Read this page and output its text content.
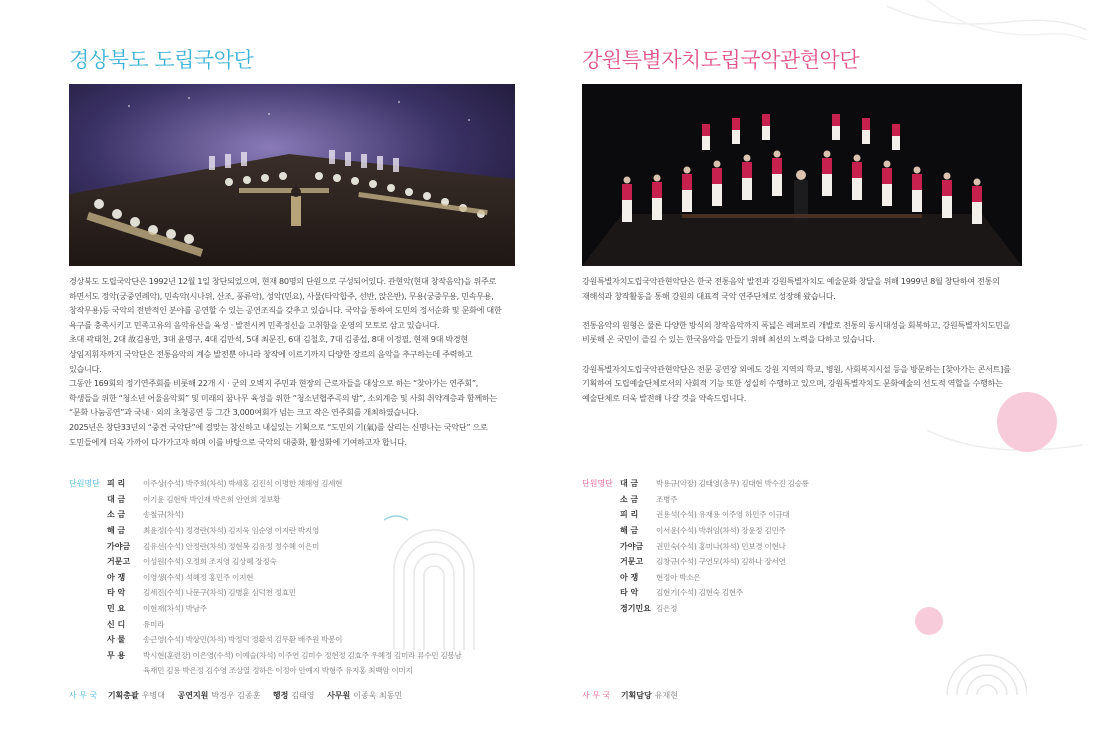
경상북도 도립국악단

경상북도 도립국악단은 1992년 12월 1일 창단되었으며, 현재 80명의 단원으로 구성되어있다. 관현악(현대 창작음악)을 위주로

하면서도 정악(궁중연례악), 민속악(시나위, 산조, 풍류악), 성악(민요), 사물(타악합주, 선반, 앉은반), 무용(궁중무용, 민속무용,

창작무용)등 국악의 전반적인 분야를 공연할 수 있는 공연조직을 갖추고 있습니다. 국악을 통하여 도민의 정서순화 및 문화에 대한

욕구를 충족시키고 민족고유의 음악유산을 육성 · 발전시켜 민족정신을 고취함을 운영의 모토로 삼고 있습니다.

초대 곽태천, 2대 故김용만, 3대 윤명구, 4대 김만석, 5대 최문진, 6대 김철호, 7대 김종섭, 8대 이정필, 현재 9대 박경현

상임지휘자까지 국악단은 전통음악의 계승 발전뿐 아니라 창작에 이르기까지 다양한 장르의 음악을 추구하는데 주력하고

있습니다.

그동안 169회의 정기연주회를 비롯해 22개 시 · 군의 오벽지 주민과 현장의 근로자들을 대상으로 하는 “찾아가는 연주회”,

학생들을 위한 “청소년 어울음악회” 및 미래의 꿈나무 육성을 위한 “청소년협주곡의 밤”, 소외계층 및 사회 취약계층과 함께하는

“문화 나눔공연”과 국내 · 외의 초청공연 등 그간 3,000여회가 넘는 크고 작은 연주회를 개최하였습니다.

2025년은 창단33년의 “중견 국악단”에 걸맞는 참신하고 내실있는 기획으로 “도민의 기(氣)를 살리는 신명나는 국악단” 으로

도민들에게 더욱 가까이 다가가고자 하며 이를 바탕으로 국악의 대중화, 활성화에 기여하고자 합니다.

단원명단 피 리	이주상(수석) 박주희(차석) 박세홍 김진식 이명한 채해영 김세현
대 금	이기윤 김현학 박인재 박은희 안연희 정보황
소 금	송철규(차석)
해 금	최윤정(수석) 정경란(차석) 김지욱 임순영 이지란 박지영
가야금	김유선(수석) 안정란(차석) 정현복 김유정 정수혜 이은미
거문고	이성원(수석) 오정희 조지영 김상혜 장정숙
아 쟁	이영생(수석) 석혜정 홍민주 이지현
타 악	김세진(수석) 나문구(차석) 김병훈 심덕천 정효민
민 요	이현재(차석) 박남주
신 디	유미라
사 물	송근영(수석) 박상민(차석) 박정덕 정환석 김무환 배주원 박봉이
무 용	박시현(훈련장) 이은영(수석) 이예슬(차석) 이주연 김미수 정현정 김효주 우혜정 김미라 류수민 김봉남
육재민 김용 박은정 김수영 조상열 정하은 이정아 안예지 박형주 유지홍 최백암 이미지
사 무 국 기획총괄 우병대 공연지원 박경우 김종훈 행정 김태영 사무원 이종욱 최동민
강원특별자치도립국악관현악단

강원특별자치도립국악관현악단은 한국 전통음악 발전과 강원특별자치도 예술문화 창달을 위해 1999년 8월 창단하여 전통의

재해석과 창작활동을 통해 강원의 대표적 국악 연주단체로 성장해 왔습니다.

전통음악의 원형은 물론 다양한 방식의 창작음악까지 폭넓은 레퍼토리 개발로 전통의 동시대성을 회복하고, 강원특별자치도민을

비롯해 온 국민이 즐길 수 있는 한국음악을 만들기 위해 최선의 노력을 다하고 있습니다.

강원특별자치도립국악관현악단은 전문 공연장 외에도 강원 지역의 학교, 병원, 사회복지시설 등을 방문하는 [찾아가는 콘서트]를

기획하여 도립예술단체로서의 사회적 기능 또한 성실히 수행하고 있으며, 강원특별자치도 문화예술의 선도적 역할을 수행하는

예술단체로 더욱 발전해 나갈 것을 약속드립니다.

단원명단 대 금	박용규(악장) 김태영(총무) 김대현 박수진 김승룡
소 금	조병주
피 리	권용석(수석) 유재용 이주영 하민주 이규대
해 금	이서윤(수석) 박취임(차석) 장윤정 김민주
가야금	권민숙(수석) 홍미나(차석) 민보경 이현나
거문고	김창규(수석) 구연모(차석) 김하나 장서연
아 쟁	현정아 박소은
타 악	김현기(수석) 김현숙 김현주
경기민요 김은정
사 무 국 기획담당 유재현
